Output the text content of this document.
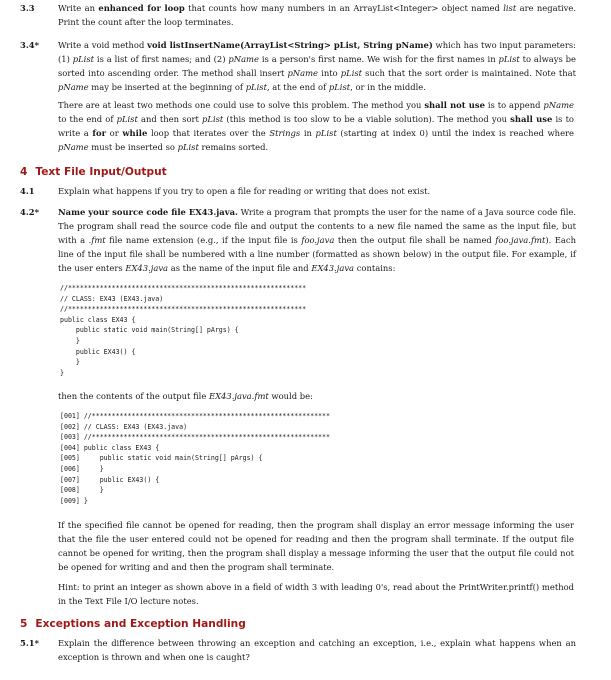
3.3	Write an enhanced for loop that counts how many numbers in an ArrayList<Integer> object named list are negative. Print the count after the loop terminates.
3.4* Write a void method void listInsertName(ArrayList<String> pList, String pName) which has two input parameters: (1) pList is a list of first names; and (2) pName is a person's first name. We wish for the first names in pList to always be sorted into ascending order. The method shall insert pName into pList such that the sort order is maintained. Note that pName may be inserted at the beginning of pList, at the end of pList, or in the middle.
There are at least two methods one could use to solve this problem. The method you shall not use is to append pName to the end of pList and then sort pList (this method is too slow to be a viable solution). The method you shall use is to write a for or while loop that iterates over the Strings in pList (starting at index 0) until the index is reached where pName must be inserted so pList remains sorted.
4 Text File Input/Output
4.1	Explain what happens if you try to open a file for reading or writing that does not exist.
4.2* Name your source code file EX43.java. Write a program that prompts the user for the name of a Java source code file. The program shall read the source code file and output the contents to a new file named the same as the input file, but with a .fmt file name extension (e.g., if the input file is foo.java then the output file shall be named foo.java.fmt). Each line of the input file shall be numbered with a line number (formatted as shown below) in the output file. For example, if the user enters EX43.java as the name of the input file and EX43.java contains:
//************************************************************
// CLASS: EX43 (EX43.java)
//************************************************************
public class EX43 {
public static void main(String[] pArgs) {
}
public EX43() {
}
}
then the contents of the output file EX43.java.fmt would be:
[001] //************************************************************
[002] // CLASS: EX43 (EX43.java)
[003] //************************************************************
[004] public class EX43 {
[005]     public static void main(String[] pArgs) {
[006]     }
[007]     public EX43() {
[008]     }
[009] }
If the specified file cannot be opened for reading, then the program shall display an error message informing the user that the file the user entered could not be opened for reading and then the program shall terminate. If the output file cannot be opened for writing, then the program shall display a message informing the user that the output file could not be opened for writing and and then the program shall terminate.
Hint: to print an integer as shown above in a field of width 3 with leading 0's, read about the PrintWriter.printf() method in the Text File I/O lecture notes.
5 Exceptions and Exception Handling
5.1* Explain the difference between throwing an exception and catching an exception, i.e., explain what happens when an exception is thrown and when one is caught?
